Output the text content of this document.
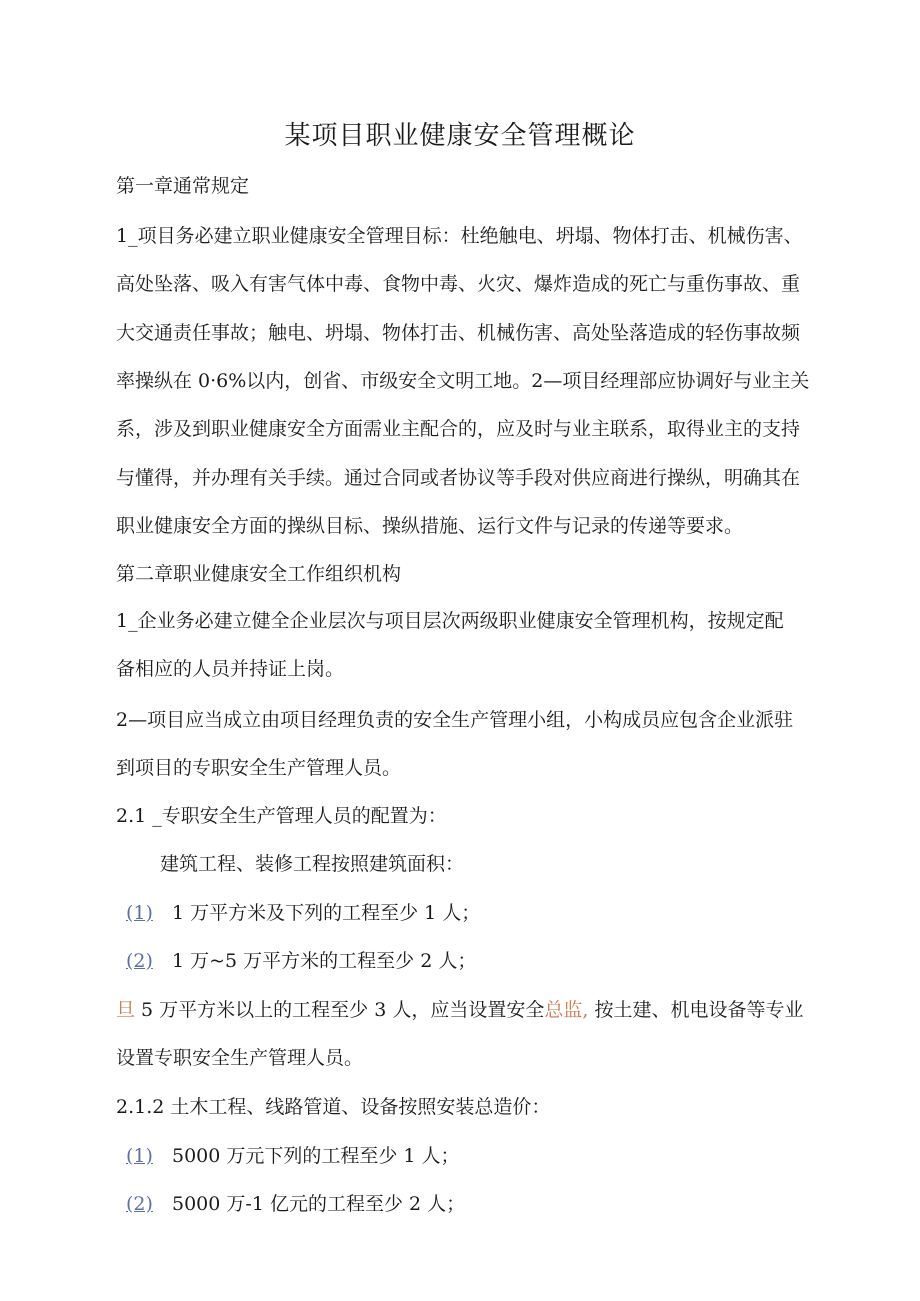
某项目职业健康安全管理概论
第一章通常规定
1_项目务必建立职业健康安全管理目标：杜绝触电、坍塌、物体打击、机械伤害、
高处坠落、吸入有害气体中毒、食物中毒、火灾、爆炸造成的死亡与重伤事故、重
大交通责任事故；触电、坍塌、物体打击、机械伤害、高处坠落造成的轻伤事故频
率操纵在 0·6%以内，创省、市级安全文明工地。2—项目经理部应协调好与业主关
系，涉及到职业健康安全方面需业主配合的，应及时与业主联系，取得业主的支持
与懂得，并办理有关手续。通过合同或者协议等手段对供应商进行操纵，明确其在
职业健康安全方面的操纵目标、操纵措施、运行文件与记录的传递等要求。
第二章职业健康安全工作组织机构
1_企业务必建立健全企业层次与项目层次两级职业健康安全管理机构，按规定配
备相应的人员并持证上岗。
2—项目应当成立由项目经理负责的安全生产管理小组，小构成员应包含企业派驻
到项目的专职安全生产管理人员。
2.1 _专职安全生产管理人员的配置为：
建筑工程、装修工程按照建筑面积：
(1) 1 万平方米及下列的工程至少 1 人；
(2) 1 万~5 万平方米的工程至少 2 人；
旦 5 万平方米以上的工程至少 3 人，应当设置安全总监, 按土建、机电设备等专业
设置专职安全生产管理人员。
2.1.2 土木工程、线路管道、设备按照安装总造价：
(1) 5000 万元下列的工程至少 1 人；
(2) 5000 万-1 亿元的工程至少 2 人；
